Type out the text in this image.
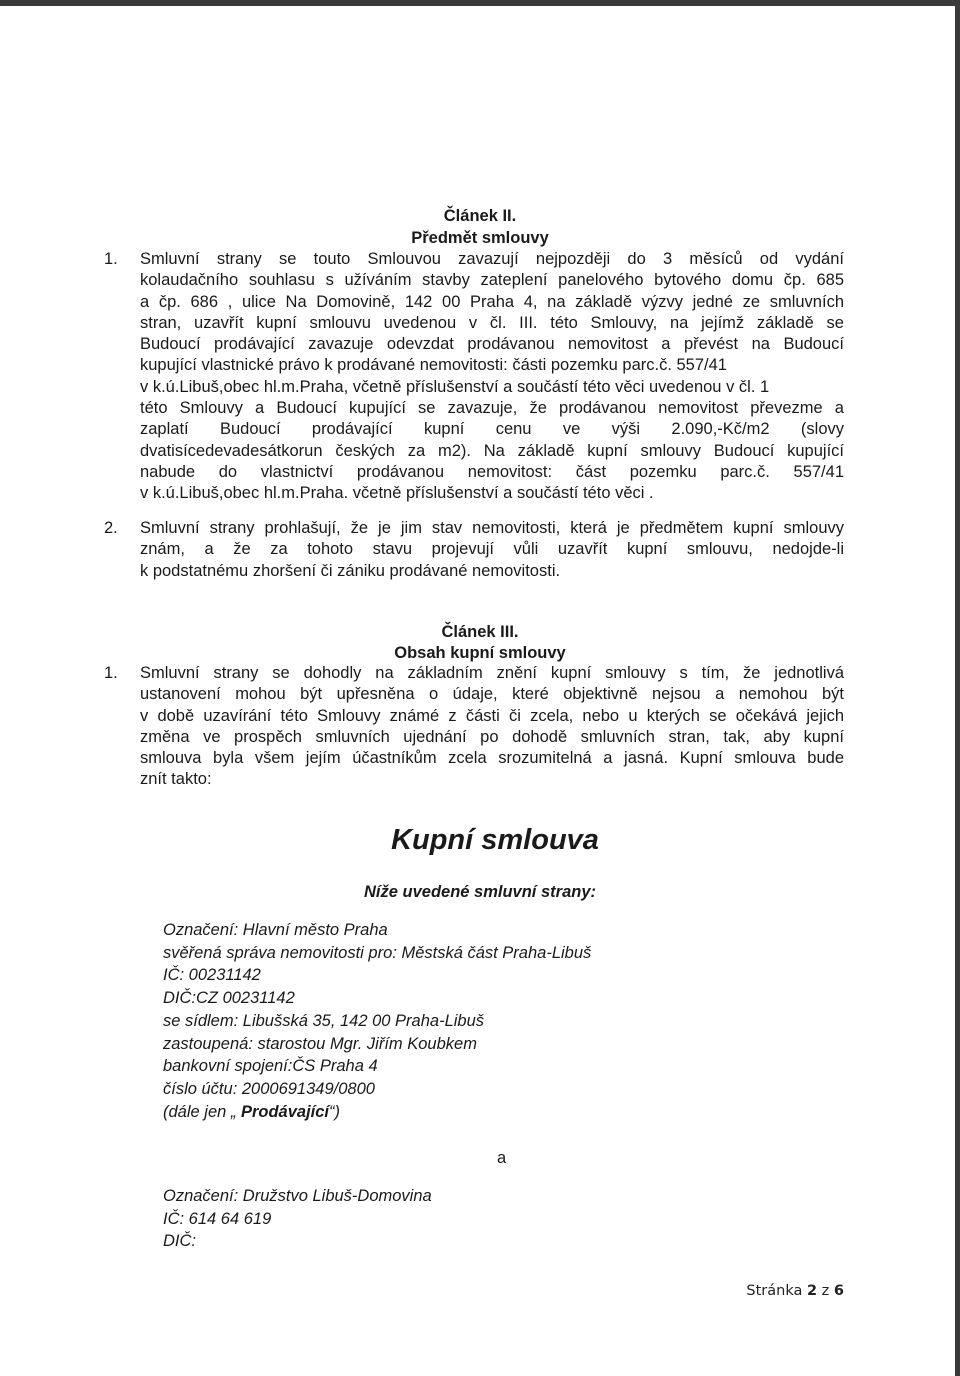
Článek II.
Předmět smlouvy
1. Smluvní strany se touto Smlouvou zavazují nejpozději do 3 měsíců od vydání
kolaudačního souhlasu s užíváním stavby zateplení panelového bytového domu čp. 685
a čp. 686 , ulice Na Domovině, 142 00 Praha 4, na základě výzvy jedné ze smluvních
stran, uzavřít kupní smlouvu uvedenou v čl. III. této Smlouvy, na jejímž základě se
Budoucí prodávající zavazuje odevzdat prodávanou nemovitost a převést na Budoucí
kupující vlastnické právo k prodávané nemovitosti: části pozemku parc.č. 557/41
v k.ú.Libuš,obec hl.m.Praha, včetně příslušenství a součástí této věci uvedenou v čl. 1
této Smlouvy a Budoucí kupující se zavazuje, že prodávanou nemovitost převezme a
zaplatí Budoucí prodávající kupní cenu ve výši 2.090,-Kč/m2 (slovy
dvatisícedevadesátkorun českých za m2). Na základě kupní smlouvy Budoucí kupující
nabude do vlastnictví prodávanou nemovitost: část pozemku parc.č. 557/41
v k.ú.Libuš,obec hl.m.Praha. včetně příslušenství a součástí této věci .
2. Smluvní strany prohlašují, že je jim stav nemovitosti, která je předmětem kupní smlouvy
znám, a že za tohoto stavu projevují vůli uzavřít kupní smlouvu, nedojde-li
k podstatnému zhoršení či zániku prodávané nemovitosti.
Článek III.
Obsah kupní smlouvy
1. Smluvní strany se dohodly na základním znění kupní smlouvy s tím, že jednotlivá
ustanovení mohou být upřesněna o údaje, které objektivně nejsou a nemohou být
v době uzavírání této Smlouvy známé z části či zcela, nebo u kterých se očekává jejich
změna ve prospěch smluvních ujednání po dohodě smluvních stran, tak, aby kupní
smlouva byla všem jejím účastníkům zcela srozumitelná a jasná. Kupní smlouva bude
znít takto:
Kupní smlouva
Níže uvedené smluvní strany:
Označení: Hlavní město Praha
svěřená správa nemovitosti pro: Městská část Praha-Libuš
IČ: 00231142
DIČ:CZ 00231142
se sídlem: Libušská 35, 142 00 Praha-Libuš
zastoupená: starostou Mgr. Jiřím Koubkem
bankovní spojení:ČS Praha 4
číslo účtu: 2000691349/0800
(dále jen „ Prodávající“)
a
Označení: Družstvo Libuš-Domovina
IČ: 614 64 619
DIČ:
Stránka 2 z 6
